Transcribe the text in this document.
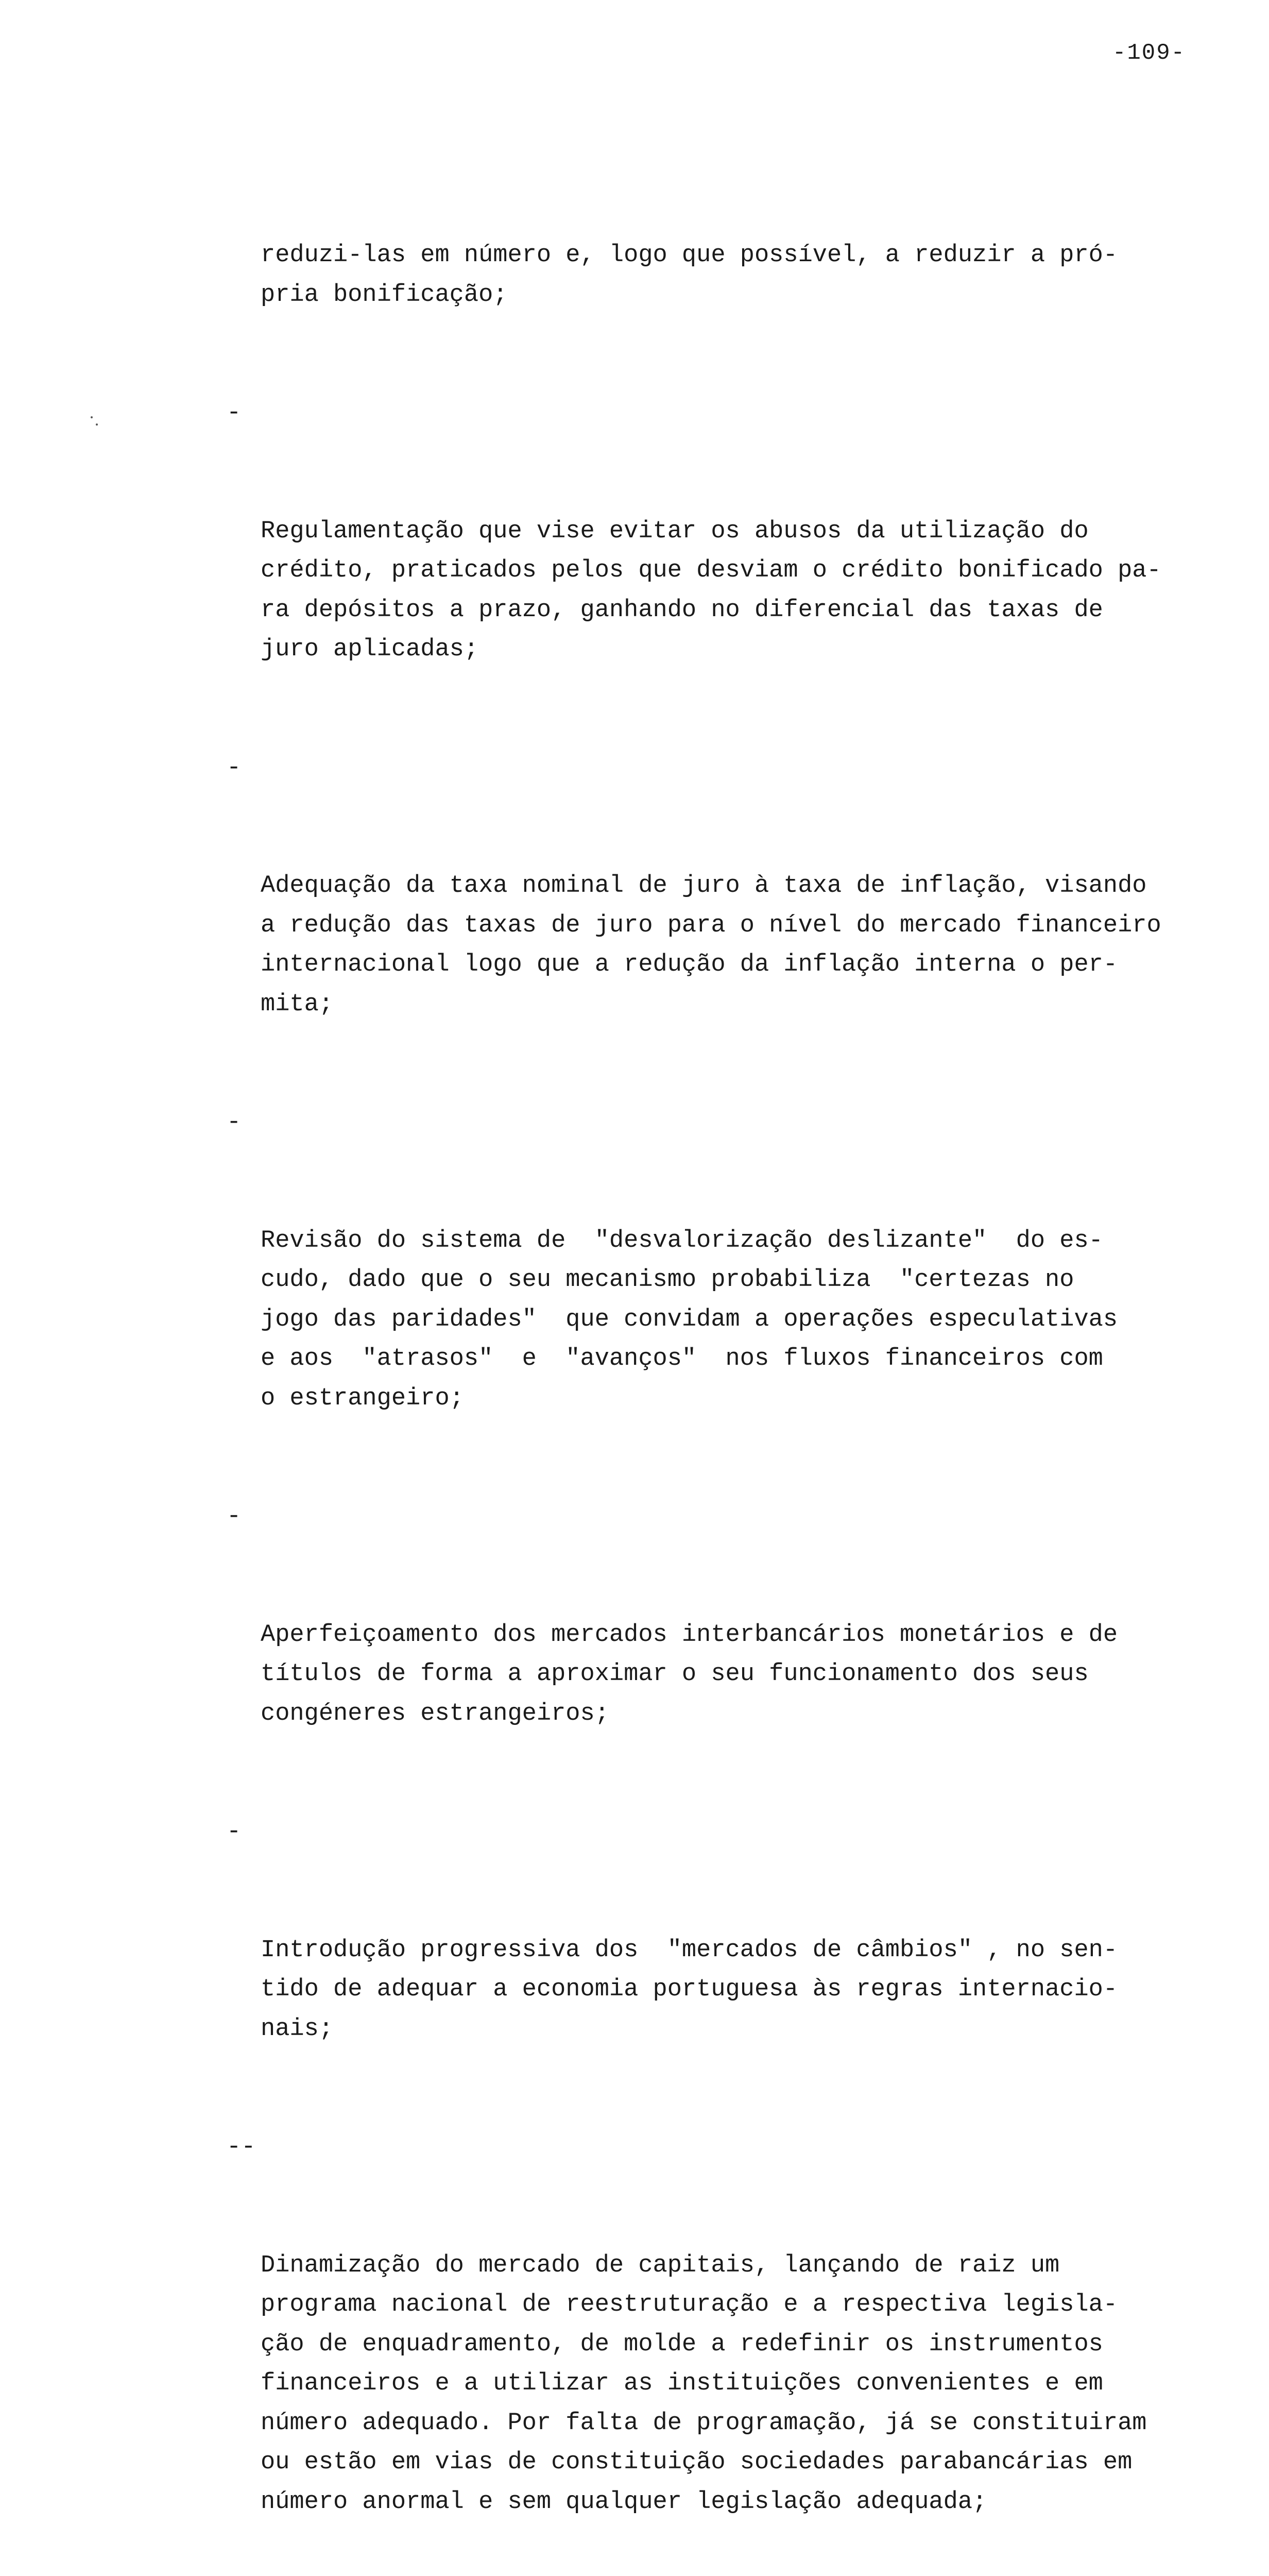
-109-

reduzi-las em número e, logo que possível, a reduzir a pró-
pria bonificação;

-

Regulamentação que vise evitar os abusos da utilização do
crédito, praticados pelos que desviam o crédito bonificado pa-
ra depósitos a prazo, ganhando no diferencial das taxas de
juro aplicadas;

-

Adequação da taxa nominal de juro à taxa de inflação, visando
a redução das taxas de juro para o nível do mercado financeiro
internacional logo que a redução da inflação interna o per-
mita;

-

Revisão do sistema de  "desvalorização deslizante"  do es-
cudo, dado que o seu mecanismo probabiliza  "certezas no
jogo das paridades"  que convidam a operações especulativas
e aos  "atrasos"  e  "avanços"  nos fluxos financeiros com
o estrangeiro;

-

Aperfeiçoamento dos mercados interbancários monetários e de
títulos de forma a aproximar o seu funcionamento dos seus
congéneres estrangeiros;

-

Introdução progressiva dos  "mercados de câmbios" , no sen-
tido de adequar a economia portuguesa às regras internacio-
nais;

--

Dinamização do mercado de capitais, lançando de raiz um
programa nacional de reestruturação e a respectiva legisla-
ção de enquadramento, de molde a redefinir os instrumentos
financeiros e a utilizar as instituições convenientes e em
número adequado. Por falta de programação, já se constituiram
ou estão em vias de constituição sociedades parabancárias em
número anormal e sem qualquer legislação adequada;
